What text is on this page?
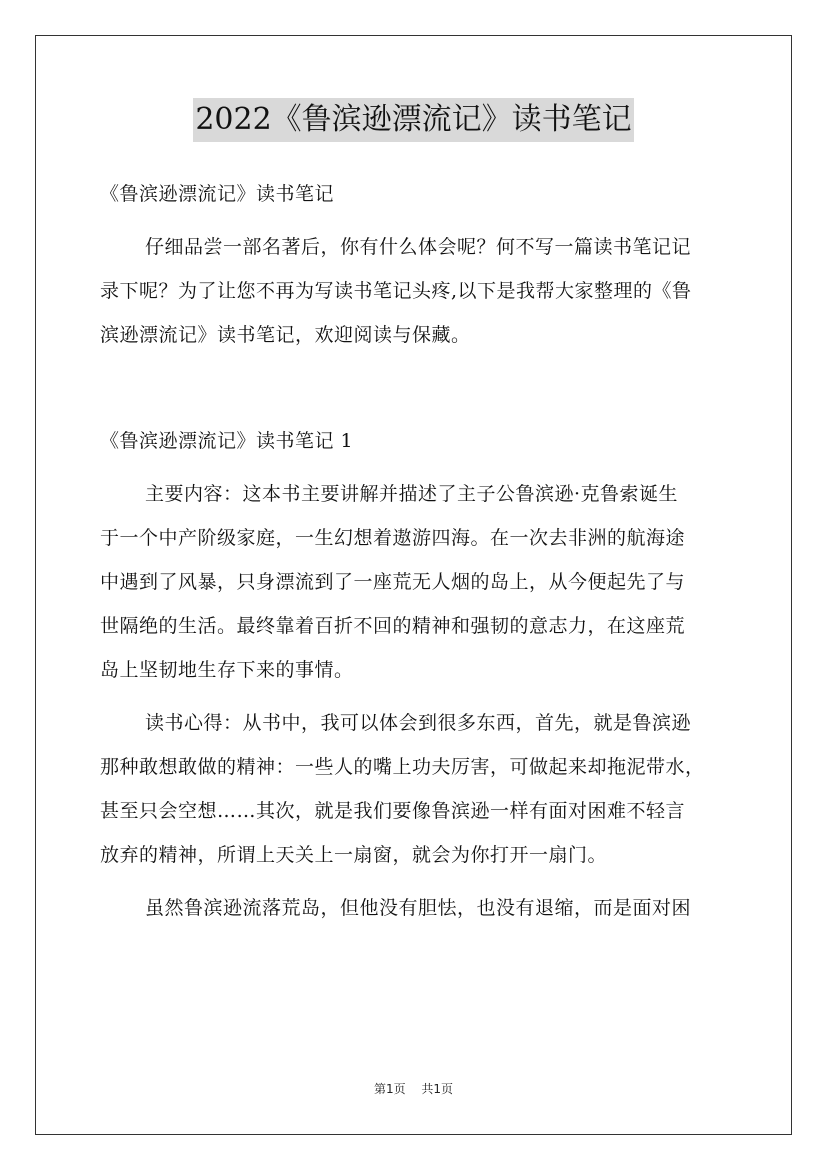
2022《鲁滨逊漂流记》读书笔记
《鲁滨逊漂流记》读书笔记
仔细品尝一部名著后，你有什么体会呢？何不写一篇读书笔记记
录下呢？为了让您不再为写读书笔记头疼,以下是我帮大家整理的《鲁
滨逊漂流记》读书笔记，欢迎阅读与保藏。
《鲁滨逊漂流记》读书笔记 1
主要内容：这本书主要讲解并描述了主子公鲁滨逊·克鲁索诞生
于一个中产阶级家庭，一生幻想着遨游四海。在一次去非洲的航海途
中遇到了风暴，只身漂流到了一座荒无人烟的岛上，从今便起先了与
世隔绝的生活。最终靠着百折不回的精神和强韧的意志力，在这座荒
岛上坚韧地生存下来的事情。
读书心得：从书中，我可以体会到很多东西，首先，就是鲁滨逊
那种敢想敢做的精神：一些人的嘴上功夫厉害，可做起来却拖泥带水，
甚至只会空想……其次，就是我们要像鲁滨逊一样有面对困难不轻言
放弃的精神，所谓上天关上一扇窗，就会为你打开一扇门。
虽然鲁滨逊流落荒岛，但他没有胆怯，也没有退缩，而是面对困
第1页 共1页
